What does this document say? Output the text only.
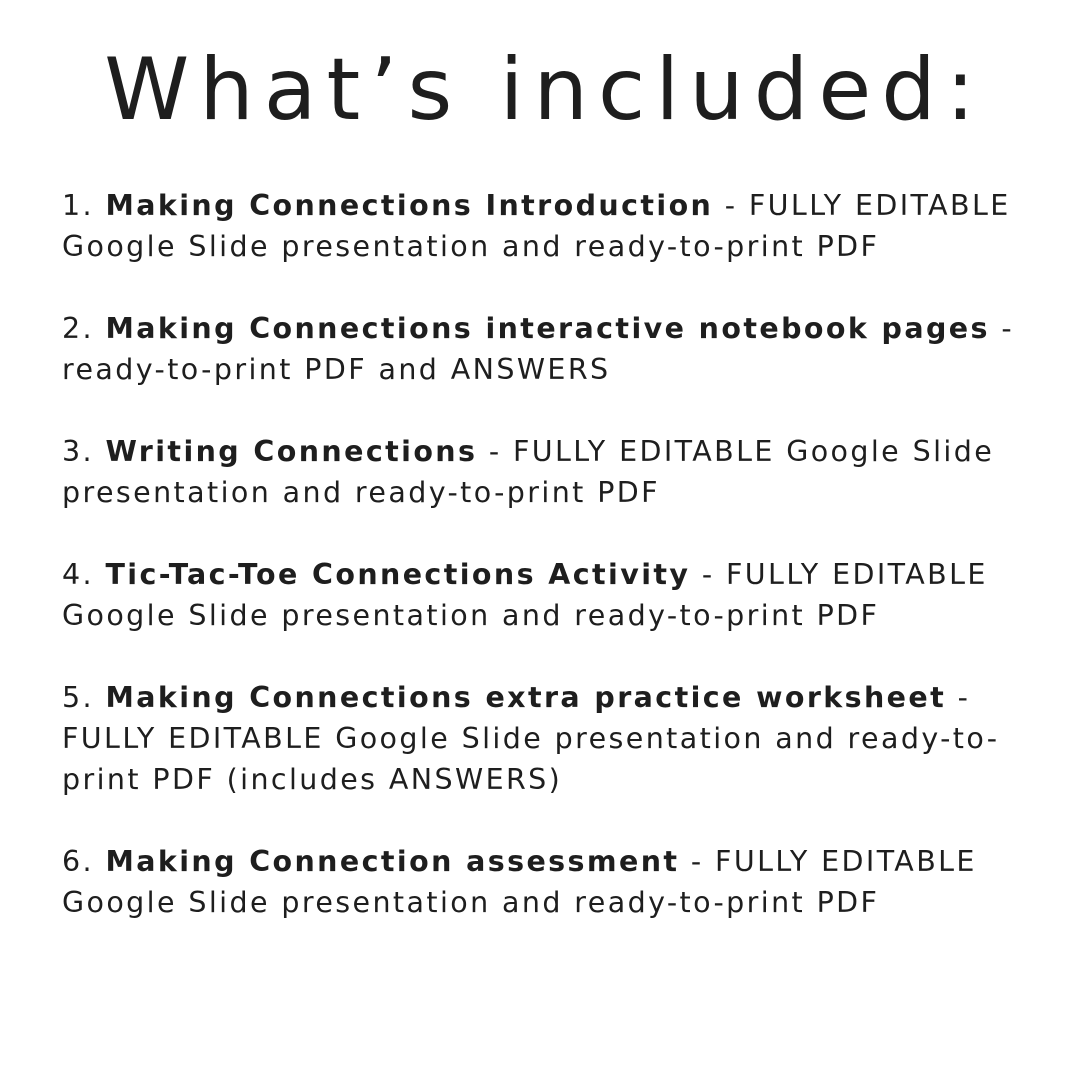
What’s included:
1. Making Connections Introduction - FULLY EDITABLE Google Slide presentation and ready-to-print PDF
2. Making Connections interactive notebook pages - ready-to-print PDF and ANSWERS
3. Writing Connections - FULLY EDITABLE Google Slide presentation and ready-to-print PDF
4. Tic-Tac-Toe Connections Activity - FULLY EDITABLE Google Slide presentation and ready-to-print PDF
5. Making Connections extra practice worksheet - FULLY EDITABLE Google Slide presentation and ready-to-print PDF (includes ANSWERS)
6. Making Connection assessment - FULLY EDITABLE Google Slide presentation and ready-to-print PDF
